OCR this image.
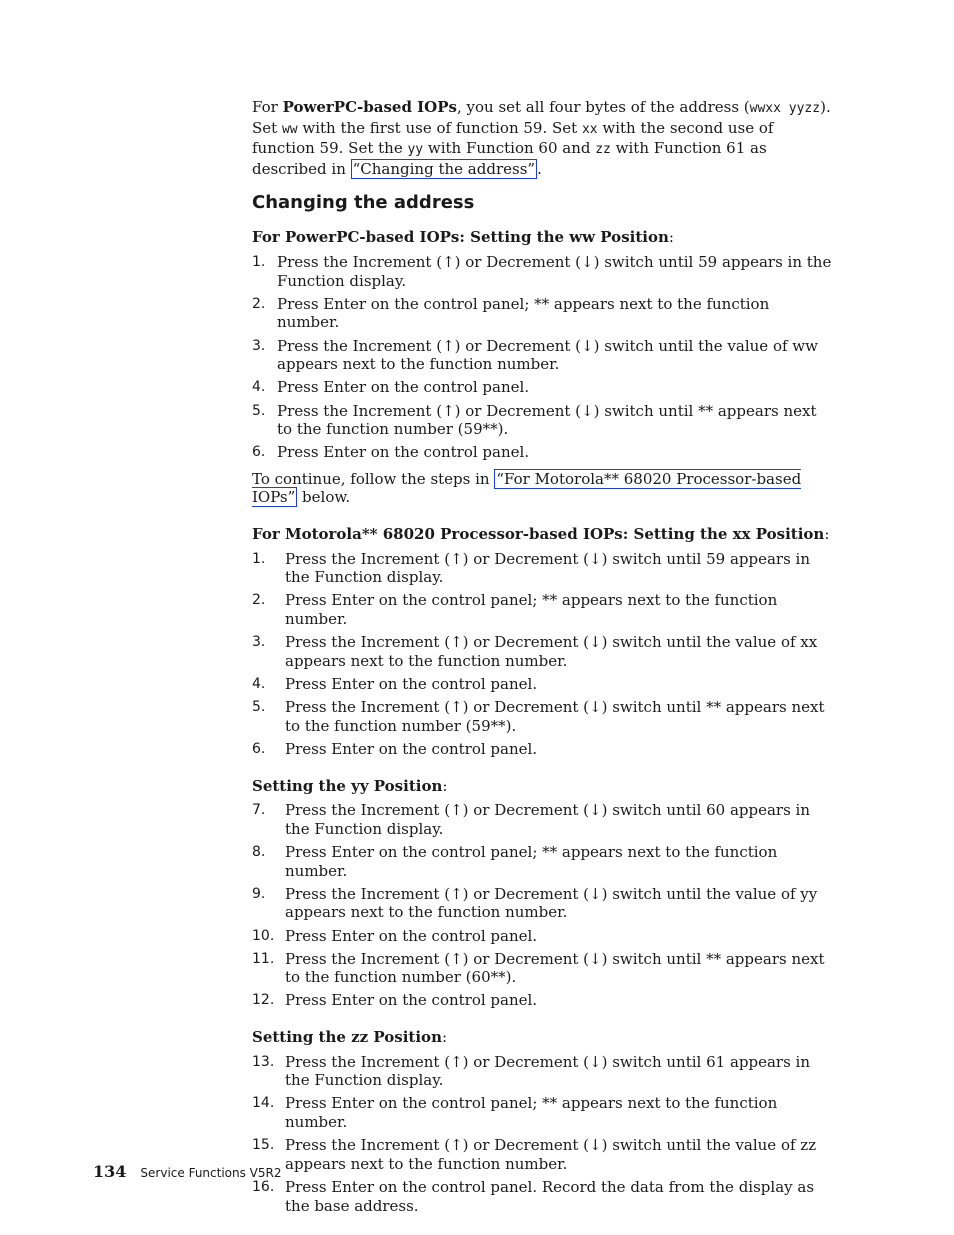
For PowerPC-based IOPs, you set all four bytes of the address (wwxx yyzz). Set ww with the first use of function 59. Set xx with the second use of function 59. Set the yy with Function 60 and zz with Function 61 as described in “Changing the address” .

Changing the address

For PowerPC-based IOPs: Setting the ww Position:

1. Press the Increment (↑) or Decrement (↓) switch until 59 appears in the Function display.
2. Press Enter on the control panel; ** appears next to the function number.
3. Press the Increment (↑) or Decrement (↓) switch until the value of ww appears next to the function number.
4. Press Enter on the control panel.
5. Press the Increment (↑) or Decrement (↓) switch until ** appears next to the function number (59**).
6. Press Enter on the control panel.

To continue, follow the steps in “For Motorola** 68020 Processor-based IOPs” below.

For Motorola** 68020 Processor-based IOPs: Setting the xx Position:

1. Press the Increment (↑) or Decrement (↓) switch until 59 appears in the Function display.
2. Press Enter on the control panel; ** appears next to the function number.
3. Press the Increment (↑) or Decrement (↓) switch until the value of xx appears next to the function number.
4. Press Enter on the control panel.
5. Press the Increment (↑) or Decrement (↓) switch until ** appears next to the function number (59**).
6. Press Enter on the control panel.

Setting the yy Position:

7. Press the Increment (↑) or Decrement (↓) switch until 60 appears in the Function display.
8. Press Enter on the control panel; ** appears next to the function number.
9. Press the Increment (↑) or Decrement (↓) switch until the value of yy appears next to the function number.
10. Press Enter on the control panel.
11. Press the Increment (↑) or Decrement (↓) switch until ** appears next to the function number (60**).
12. Press Enter on the control panel.

Setting the zz Position:

13. Press the Increment (↑) or Decrement (↓) switch until 61 appears in the Function display.
14. Press Enter on the control panel; ** appears next to the function number.
15. Press the Increment (↑) or Decrement (↓) switch until the value of zz appears next to the function number.
16. Press Enter on the control panel. Record the data from the display as the base address.
134 Service Functions V5R2
